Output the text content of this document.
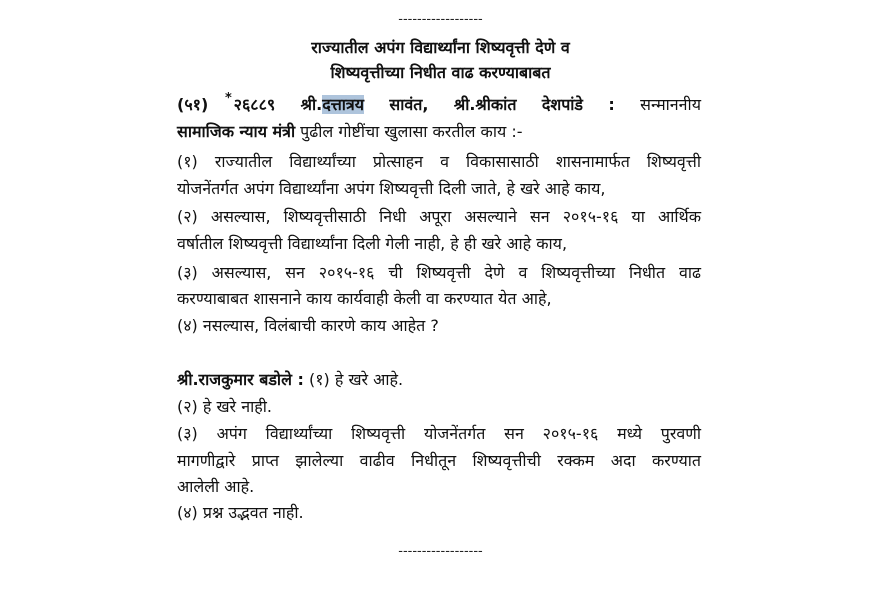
------------------
राज्यातील अपंग विद्यार्थ्यांना शिष्यवृत्ती देणे व
शिष्यवृत्तीच्या निधीत वाढ करण्याबाबत
*
(५१) २६८८९ श्री.दत्तात्रय सावंत, श्री.श्रीकांत देशपांडे : सन्माननीय
सामाजिक न्याय मंत्री पुढील गोष्टींचा खुलासा करतील काय :-
(१) राज्यातील विद्यार्थ्यांच्या प्रोत्साहन व विकासासाठी शासनामार्फत शिष्यवृत्ती
योजनेंतर्गत अपंग विद्यार्थ्यांना अपंग शिष्यवृत्ती दिली जाते, हे खरे आहे काय,
(२) असल्यास, शिष्यवृत्तीसाठी निधी अपूरा असल्याने सन २०१५-१६ या आर्थिक
वर्षातील शिष्यवृत्ती विद्यार्थ्यांना दिली गेली नाही, हे ही खरे आहे काय,
(३) असल्यास, सन २०१५-१६ ची शिष्यवृत्ती देणे व शिष्यवृत्तीच्या निधीत वाढ
करण्याबाबत शासनाने काय कार्यवाही केली वा करण्यात येत आहे,
(४) नसल्यास, विलंबाची कारणे काय आहेत ?
श्री.राजकुमार बडोले : (१) हे खरे आहे.
(२) हे खरे नाही.
(३) अपंग विद्यार्थ्यांच्या शिष्यवृत्ती योजनेंतर्गत सन २०१५-१६ मध्ये पुरवणी
मागणीद्वारे प्राप्त झालेल्या वाढीव निधीतून शिष्यवृत्तीची रक्कम अदा करण्यात
आलेली आहे.
(४) प्रश्न उद्भवत नाही.
------------------
